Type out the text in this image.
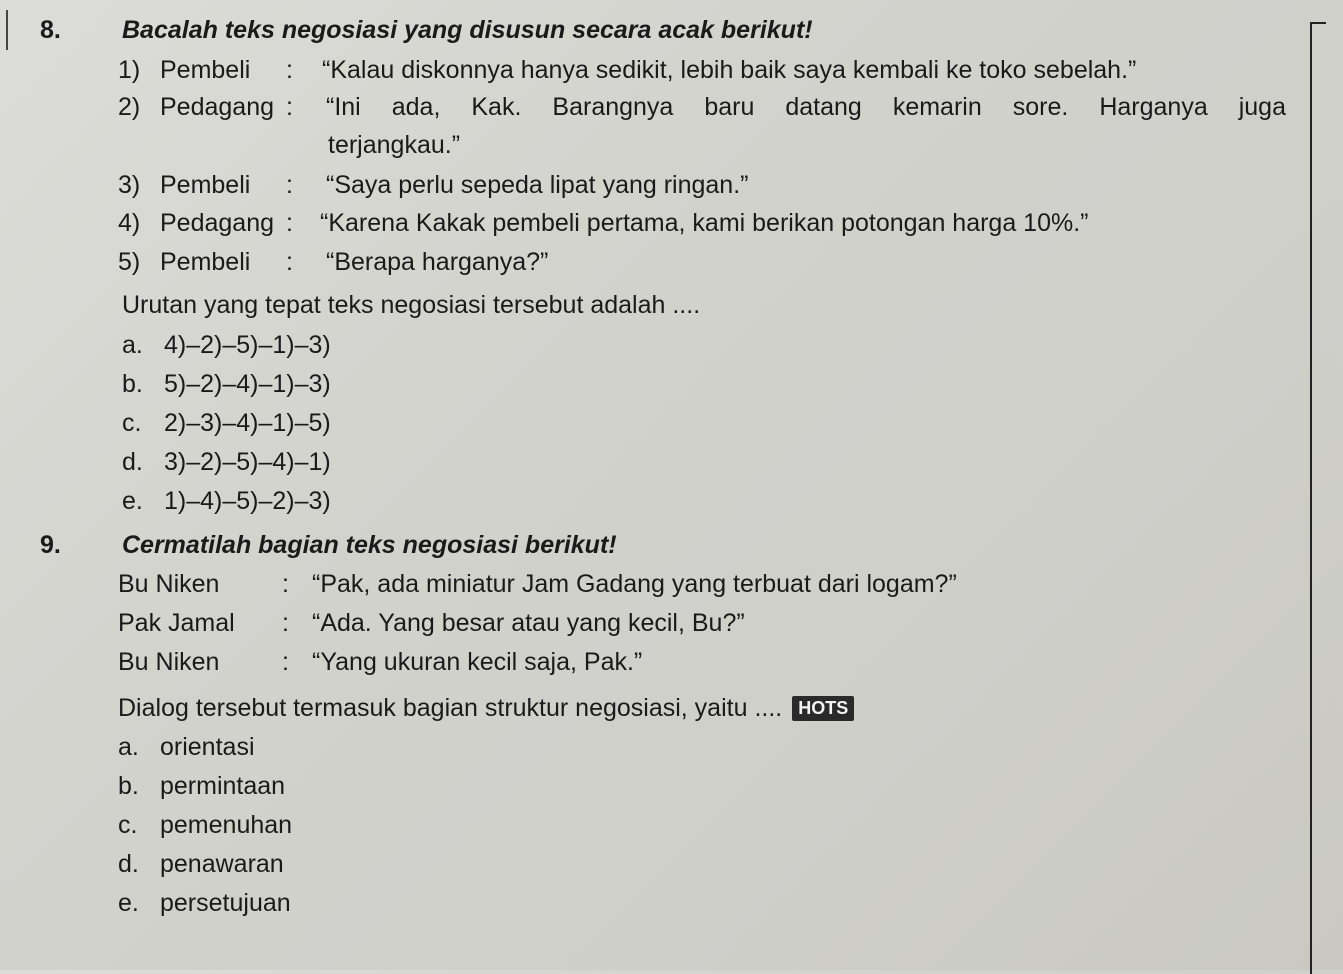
8. Bacalah teks negosiasi yang disusun secara acak berikut!
1) Pembeli : “Kalau diskonnya hanya sedikit, lebih baik saya kembali ke toko sebelah.”
2) Pedagang : “Ini ada, Kak. Barangnya baru datang kemarin sore. Harganya juga
terjangkau.”
3) Pembeli : “Saya perlu sepeda lipat yang ringan.”
4) Pedagang : “Karena Kakak pembeli pertama, kami berikan potongan harga 10%.”
5) Pembeli : “Berapa harganya?”
Urutan yang tepat teks negosiasi tersebut adalah ....
a. 4)–2)–5)–1)–3)
b. 5)–2)–4)–1)–3)
c. 2)–3)–4)–1)–5)
d. 3)–2)–5)–4)–1)
e. 1)–4)–5)–2)–3)
9. Cermatilah bagian teks negosiasi berikut!
Bu Niken	: “Pak, ada miniatur Jam Gadang yang terbuat dari logam?”
Pak Jamal : “Ada. Yang besar atau yang kecil, Bu?”
Bu Niken	: “Yang ukuran kecil saja, Pak.”
Dialog tersebut termasuk bagian struktur negosiasi, yaitu .... HOTS
a. orientasi
b. permintaan
c. pemenuhan
d. penawaran
e. persetujuan
